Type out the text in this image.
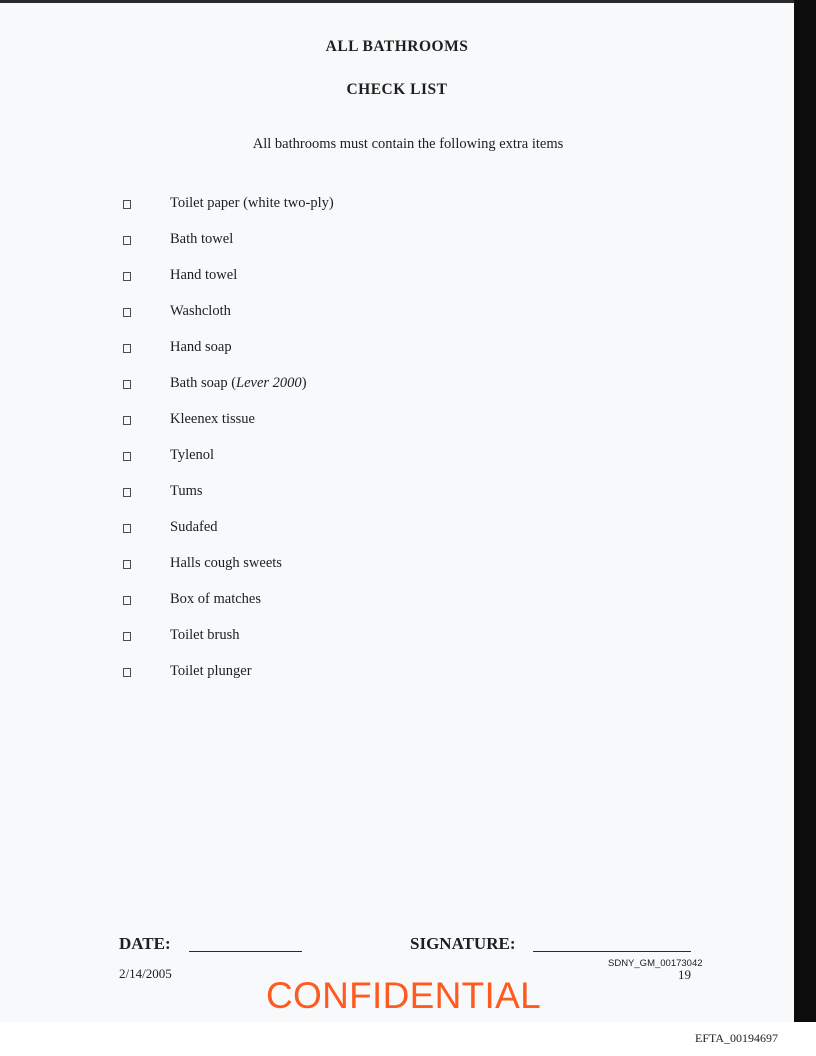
ALL BATHROOMS
CHECK LIST
All bathrooms must contain the following extra items
Toilet paper (white two-ply)
Bath towel
Hand towel
Washcloth
Hand soap
Bath soap (Lever 2000)
Kleenex tissue
Tylenol
Tums
Sudafed
Halls cough sweets
Box of matches
Toilet brush
Toilet plunger
DATE:	SIGNATURE:
2/14/2005
SDNY_GM_00173042
19
CONFIDENTIAL
EFTA_00194697
